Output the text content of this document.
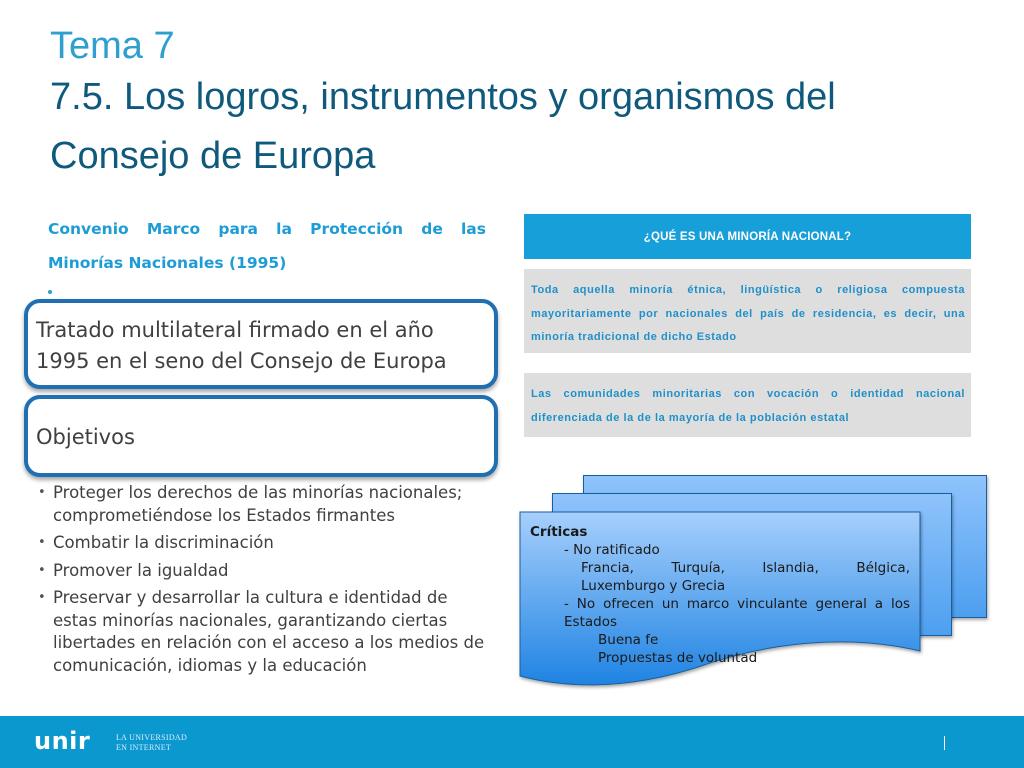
Tema 7
7.5. Los logros, instrumentos y organismos del
Consejo de Europa
Convenio Marco para la Protección de las Minorías Nacionales (1995)
Tratado multilateral firmado en el año
1995 en el seno del Consejo de Europa
Objetivos
• Proteger los derechos de las minorías nacionales; comprometiéndose los Estados firmantes
• Combatir la discriminación
• Promover la igualdad
• Preservar y desarrollar la cultura e identidad de estas minorías nacionales, garantizando ciertas libertades en relación con el acceso a los medios de comunicación, idiomas y la educación
¿QUÉ ES UNA MINORÍA NACIONAL?
Toda aquella minoría étnica, lingüística o religiosa compuesta mayoritariamente por nacionales del país de residencia, es decir, una minoría tradicional de dicho Estado
Las comunidades minoritarias con vocación o identidad nacional diferenciada de la de la mayoría de la población estatal
Críticas
- No ratificado
Francia,	Turquía,	Islandia,	Bélgica,
Luxemburgo y Grecia
- No ofrecen un marco vinculante general a los Estados
Buena fe
Propuestas de voluntad
unir	LA UNIVERSIDAD
EN INTERNET
